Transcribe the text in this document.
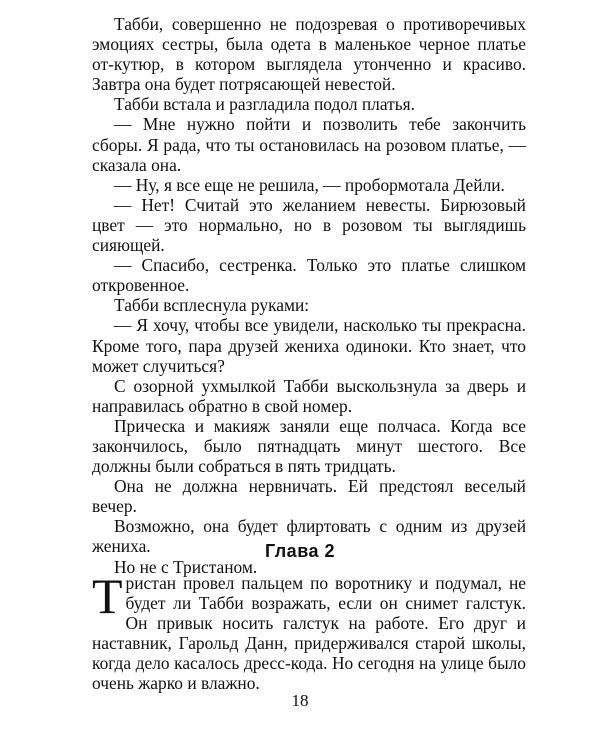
Табби, совершенно не подозревая о противоречивых эмоциях сестры, была одета в маленькое черное платье от-кутюр, в котором выглядела утонченно и красиво. Завтра она будет потрясающей невестой.

Табби встала и разгладила подол платья.

— Мне нужно пойти и позволить тебе закончить сборы. Я рада, что ты остановилась на розовом платье, — сказала она.

— Ну, я все еще не решила, — пробормотала Дейли.

— Нет! Считай это желанием невесты. Бирюзовый цвет — это нормально, но в розовом ты выглядишь сияющей.

— Спасибо, сестренка. Только это платье слишком откровенное.

Табби всплеснула руками:

— Я хочу, чтобы все увидели, насколько ты прекрасна. Кроме того, пара друзей жениха одиноки. Кто знает, что может случиться?

С озорной ухмылкой Табби выскользнула за дверь и направилась обратно в свой номер.

Прическа и макияж заняли еще полчаса. Когда все закончилось, было пятнадцать минут шестого. Все должны были собраться в пять тридцать.

Она не должна нервничать. Ей предстоял веселый вечер.

Возможно, она будет флиртовать с одним из друзей жениха.

Но не с Тристаном.

Глава 2

Тристан провел пальцем по воротнику и подумал, не будет ли Табби возражать, если он снимет галстук. Он привык носить галстук на работе. Его друг и наставник, Гарольд Данн, придерживался старой школы, когда дело касалось дресс-кода. Но сегодня на улице было очень жарко и влажно.

18
